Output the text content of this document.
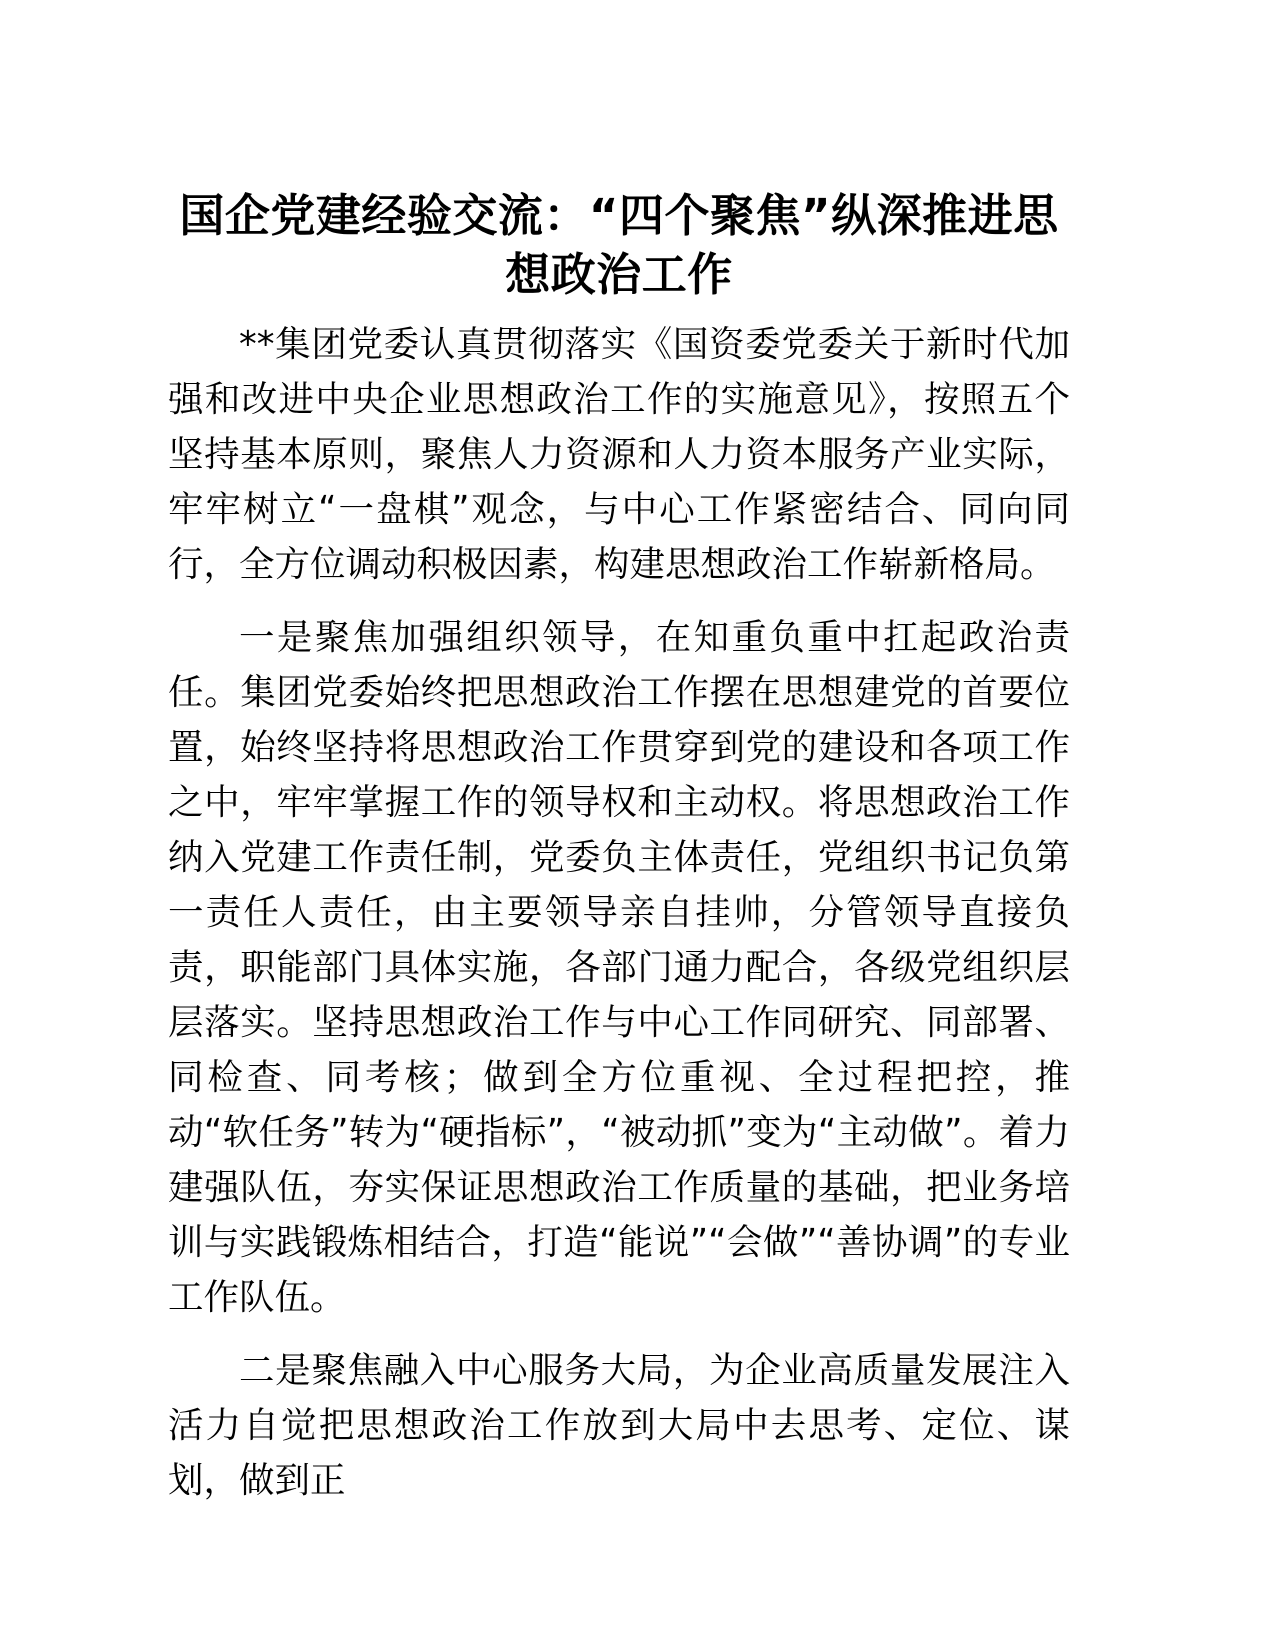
国企党建经验交流：“四个聚焦”纵深推进思想政治工作

**集团党委认真贯彻落实《国资委党委关于新时代加强和改进中央企业思想政治工作的实施意见》，按照五个坚持基本原则，聚焦人力资源和人力资本服务产业实际，牢牢树立“一盘棋”观念，与中心工作紧密结合、同向同行，全方位调动积极因素，构建思想政治工作崭新格局。

一是聚焦加强组织领导，在知重负重中扛起政治责任。集团党委始终把思想政治工作摆在思想建党的首要位置，始终坚持将思想政治工作贯穿到党的建设和各项工作之中，牢牢掌握工作的领导权和主动权。将思想政治工作纳入党建工作责任制，党委负主体责任，党组织书记负第一责任人责任，由主要领导亲自挂帅，分管领导直接负责，职能部门具体实施，各部门通力配合，各级党组织层层落实。坚持思想政治工作与中心工作同研究、同部署、同检查、同考核；做到全方位重视、全过程把控，推动“软任务”转为“硬指标”，“被动抓”变为“主动做”。着力建强队伍，夯实保证思想政治工作质量的基础，把业务培训与实践锻炼相结合，打造“能说”“会做”“善协调”的专业工作队伍。

二是聚焦融入中心服务大局，为企业高质量发展注入活力自觉把思想政治工作放到大局中去思考、定位、谋划，做到正
